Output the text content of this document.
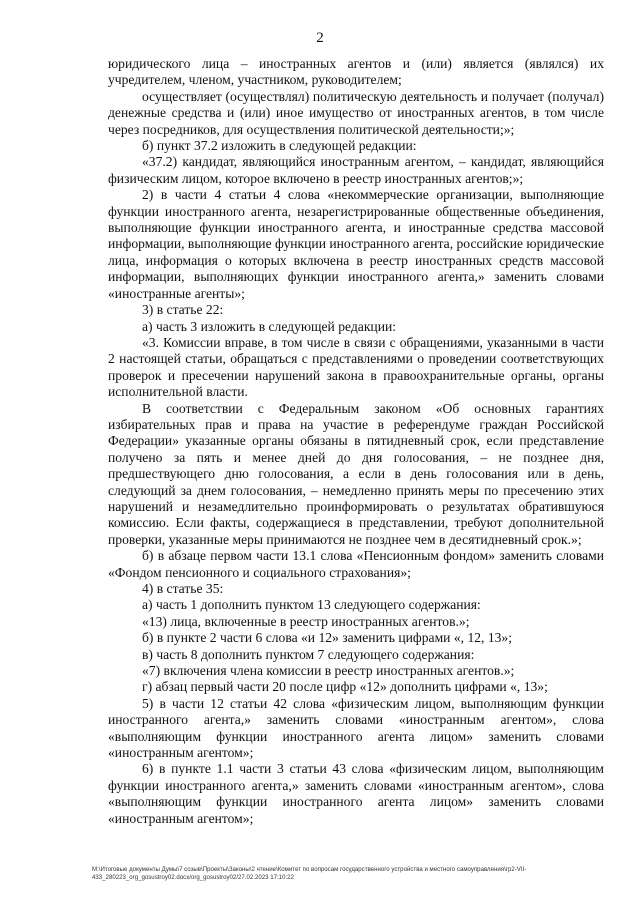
2

юридического лица – иностранных агентов и (или) является (являлся) их учредителем, членом, участником, руководителем;

осуществляет (осуществлял) политическую деятельность и получает (получал) денежные средства и (или) иное имущество от иностранных агентов, в том числе через посредников, для осуществления политической деятельности;»;

б) пункт 37.2 изложить в следующей редакции:

«37.2) кандидат, являющийся иностранным агентом, – кандидат, являющийся физическим лицом, которое включено в реестр иностранных агентов;»;

2) в части 4 статьи 4 слова «некоммерческие организации, выполняющие функции иностранного агента, незарегистрированные общественные объединения, выполняющие функции иностранного агента, и иностранные средства массовой информации, выполняющие функции иностранного агента, российские юридические лица, информация о которых включена в реестр иностранных средств массовой информации, выполняющих функции иностранного агента,» заменить словами «иностранные агенты»;

3) в статье 22:

а) часть 3 изложить в следующей редакции:

«3. Комиссии вправе, в том числе в связи с обращениями, указанными в части 2 настоящей статьи, обращаться с представлениями о проведении соответствующих проверок и пресечении нарушений закона в правоохранительные органы, органы исполнительной власти.

В соответствии с Федеральным законом «Об основных гарантиях избирательных прав и права на участие в референдуме граждан Российской Федерации» указанные органы обязаны в пятидневный срок, если представление получено за пять и менее дней до дня голосования, – не позднее дня, предшествующего дню голосования, а если в день голосования или в день, следующий за днем голосования, – немедленно принять меры по пресечению этих нарушений и незамедлительно проинформировать о результатах обратившуюся комиссию. Если факты, содержащиеся в представлении, требуют дополнительной проверки, указанные меры принимаются не позднее чем в десятидневный срок.»;

б) в абзаце первом части 13.1 слова «Пенсионным фондом» заменить словами «Фондом пенсионного и социального страхования»;

4) в статье 35:

а) часть 1 дополнить пунктом 13 следующего содержания:

«13) лица, включенные в реестр иностранных агентов.»;

б) в пункте 2 части 6 слова «и 12» заменить цифрами «, 12, 13»;

в) часть 8 дополнить пунктом 7 следующего содержания:

«7) включения члена комиссии в реестр иностранных агентов.»;

г) абзац первый части 20 после цифр «12» дополнить цифрами «, 13»;

5) в части 12 статьи 42 слова «физическим лицом, выполняющим функции иностранного агента,» заменить словами «иностранным агентом», слова «выполняющим функции иностранного агента лицом» заменить словами «иностранным агентом»;

6) в пункте 1.1 части 3 статьи 43 слова «физическим лицом, выполняющим функции иностранного агента,» заменить словами «иностранным агентом», слова «выполняющим функции иностранного агента лицом» заменить словами «иностранным агентом»;

М:\Итоговые документы Думы\7 созыв\Проекты\Законы\2 чтение\Комитет по вопросам государственного устройства и местного самоуправления\гр2-VII-
433_280223_org_gosustroy02.docx/org_gosustroy02/27.02.2023 17:10:22
